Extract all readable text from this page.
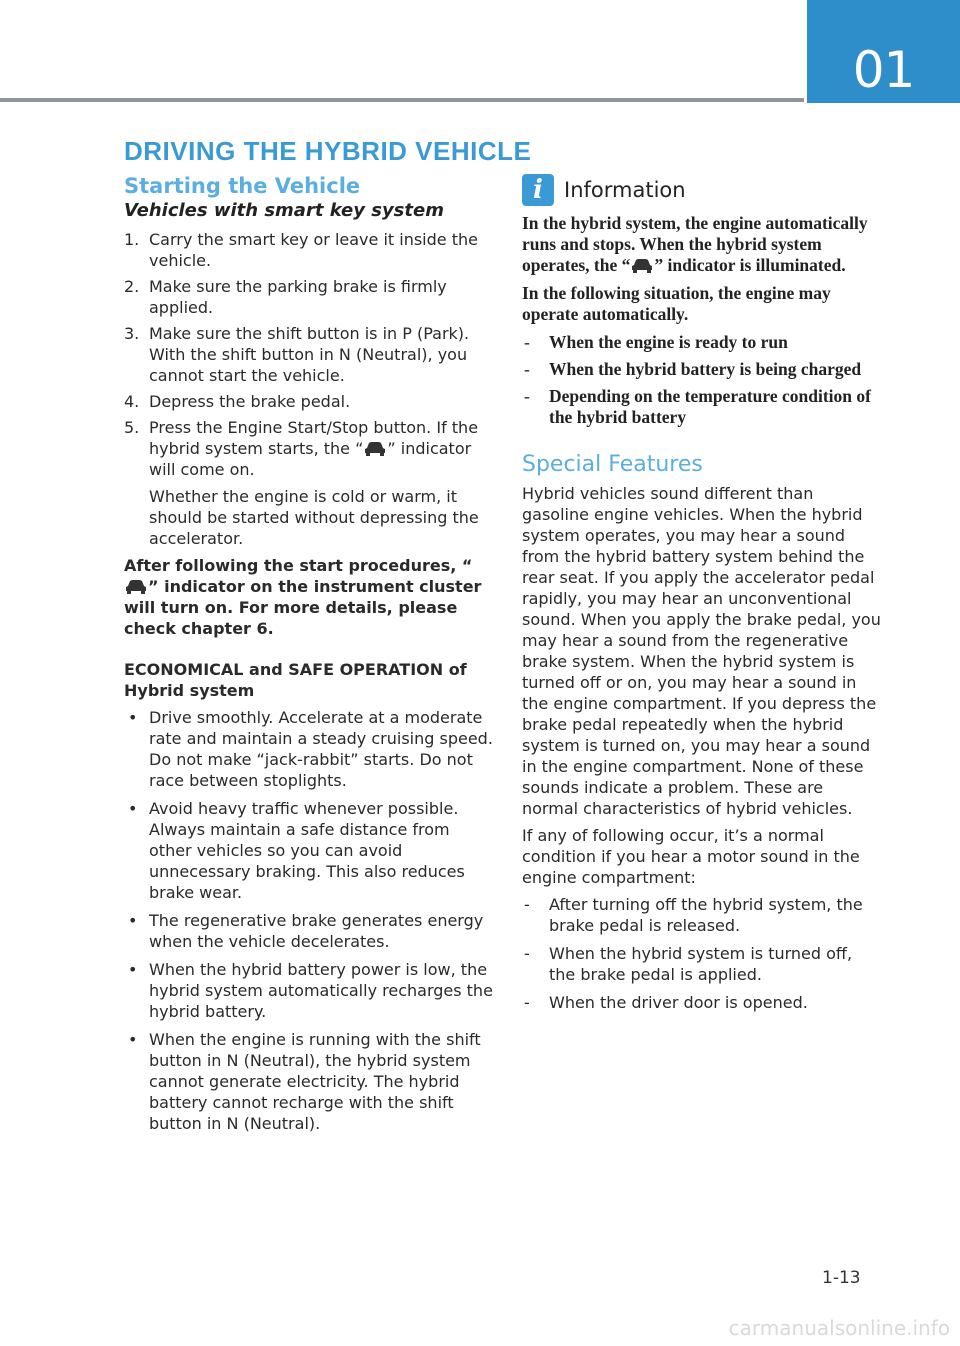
01
DRIVING THE HYBRID VEHICLE
Starting the Vehicle
Vehicles with smart key system
1. Carry the smart key or leave it inside the vehicle.

2. Make sure the parking brake is firmly applied.

3. Make sure the shift button is in P (Park). With the shift button in N (Neutral), you cannot start the vehicle.

4. Depress the brake pedal.

5. Press the Engine Start/Stop button. If the hybrid system starts, the “ ” indicator will come on.

Whether the engine is cold or warm, it should be started without depressing the accelerator.

After following the start procedures, “” indicator on the instrument cluster will turn on. For more details, please check chapter 6.

ECONOMICAL and SAFE OPERATION of Hybrid system

• Drive smoothly. Accelerate at a moderate rate and maintain a steady cruising speed. Do not make “jack-rabbit” starts. Do not race between stoplights.
• Avoid heavy traffic whenever possible. Always maintain a safe distance from other vehicles so you can avoid unnecessary braking. This also reduces brake wear.
• The regenerative brake generates energy when the vehicle decelerates.
• When the hybrid battery power is low, the hybrid system automatically recharges the hybrid battery.
• When the engine is running with the shift button in N (Neutral), the hybrid system cannot generate electricity. The hybrid battery cannot recharge with the shift button in N (Neutral).
i	Information

In the hybrid system, the engine automatically runs and stops. When the hybrid system operates, the “ ” indicator is illuminated.

In the following situation, the engine may operate automatically.

- When the engine is ready to run
- When the hybrid battery is being charged
- Depending on the temperature condition of the hybrid battery
Special Features

Hybrid vehicles sound different than gasoline engine vehicles. When the hybrid system operates, you may hear a sound from the hybrid battery system behind the rear seat. If you apply the accelerator pedal rapidly, you may hear an unconventional sound. When you apply the brake pedal, you may hear a sound from the regenerative brake system. When the hybrid system is turned off or on, you may hear a sound in the engine compartment. If you depress the brake pedal repeatedly when the hybrid system is turned on, you may hear a sound in the engine compartment. None of these sounds indicate a problem. These are normal characteristics of hybrid vehicles.

If any of following occur, it’s a normal condition if you hear a motor sound in the engine compartment:

- After turning off the hybrid system, the brake pedal is released.
- When the hybrid system is turned off, the brake pedal is applied.
- When the driver door is opened.
1-13
carmanualsonline.info
